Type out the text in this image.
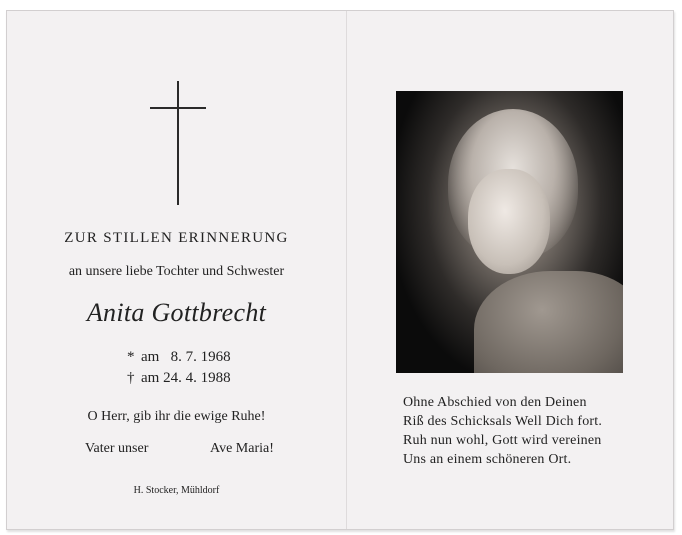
ZUR STILLEN ERINNERUNG
an unsere liebe Tochter und Schwester
Anita Gottbrecht
* am   8. 7. 1968
† am 24. 4. 1988
O Herr, gib ihr die ewige Ruhe!
Vater unser	Ave Maria!
H. Stocker, Mühldorf
Ohne Abschied von den Deinen
Riß des Schicksals Well Dich fort.
Ruh nun wohl, Gott wird vereinen
Uns an einem schöneren Ort.
